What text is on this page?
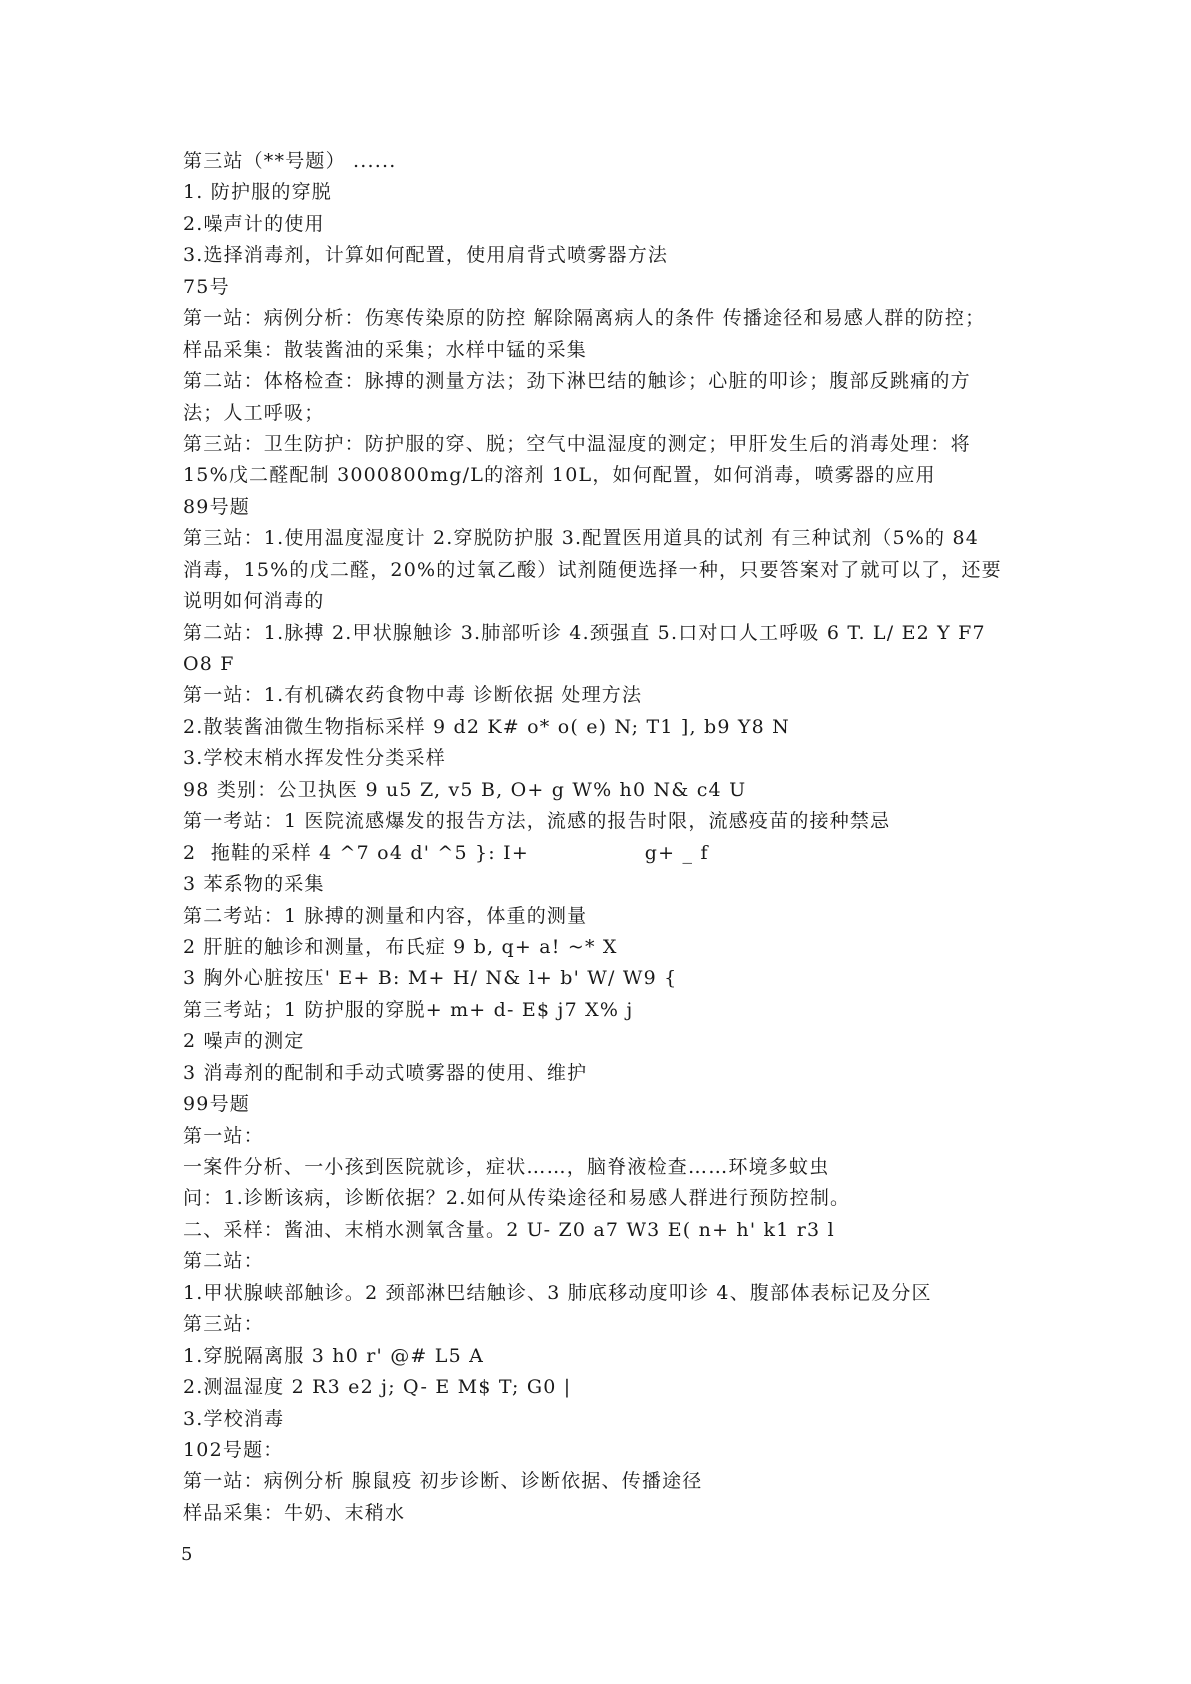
第三站（**号题） ......
1. 防护服的穿脱
2.噪声计的使用
3.选择消毒剂，计算如何配置，使用肩背式喷雾器方法
75号
第一站：病例分析：伤寒传染原的防控 解除隔离病人的条件 传播途径和易感人群的防控；
样品采集：散装酱油的采集；水样中锰的采集
第二站：体格检查：脉搏的测量方法；劲下淋巴结的触诊；心脏的叩诊；腹部反跳痛的方
法；人工呼吸；
第三站：卫生防护：防护服的穿、脱；空气中温湿度的测定；甲肝发生后的消毒处理：将
15%戊二醛配制 3000800mg/L的溶剂 10L，如何配置，如何消毒，喷雾器的应用
89号题
第三站：1.使用温度湿度计 2.穿脱防护服 3.配置医用道具的试剂 有三种试剂（5%的 84
消毒，15%的戊二醛，20%的过氧乙酸）试剂随便选择一种，只要答案对了就可以了，还要
说明如何消毒的
第二站：1.脉搏 2.甲状腺触诊 3.肺部听诊 4.颈强直 5.口对口人工呼吸 6 T. L/ E2 Y F7
O8 F
第一站：1.有机磷农药食物中毒 诊断依据 处理方法
2.散装酱油微生物指标采样 9 d2 K# o* o( e) N; T1 ], b9 Y8 N
3.学校末梢水挥发性分类采样
98 类别：公卫执医 9 u5 Z, v5 B, O+ g W% h0 N& c4 U
第一考站：1 医院流感爆发的报告方法，流感的报告时限，流感疫苗的接种禁忌
2  拖鞋的采样 4 ^7 o4 d' ^5 }: I+                g+ _ f
3 苯系物的采集
第二考站：1 脉搏的测量和内容，体重的测量
2 肝脏的触诊和测量，布氏症 9 b, q+ a! ~* X
3 胸外心脏按压' E+ B: M+ H/ N& l+ b' W/ W9 {
第三考站；1 防护服的穿脱+ m+ d- E$ j7 X% j
2 噪声的测定
3 消毒剂的配制和手动式喷雾器的使用、维护
99号题
第一站：
一案件分析、一小孩到医院就诊，症状……，脑脊液检查……环境多蚊虫
问：1.诊断该病，诊断依据？2.如何从传染途径和易感人群进行预防控制。
二、采样：酱油、末梢水测氧含量。2 U- Z0 a7 W3 E( n+ h' k1 r3 l
第二站：
1.甲状腺峡部触诊。2 颈部淋巴结触诊、3 肺底移动度叩诊 4、腹部体表标记及分区
第三站：
1.穿脱隔离服 3 h0 r' @# L5 A
2.测温湿度 2 R3 e2 j; Q- E M$ T; G0 |
3.学校消毒
102号题：
第一站：病例分析 腺鼠疫 初步诊断、诊断依据、传播途径
样品采集：牛奶、末稍水
5
